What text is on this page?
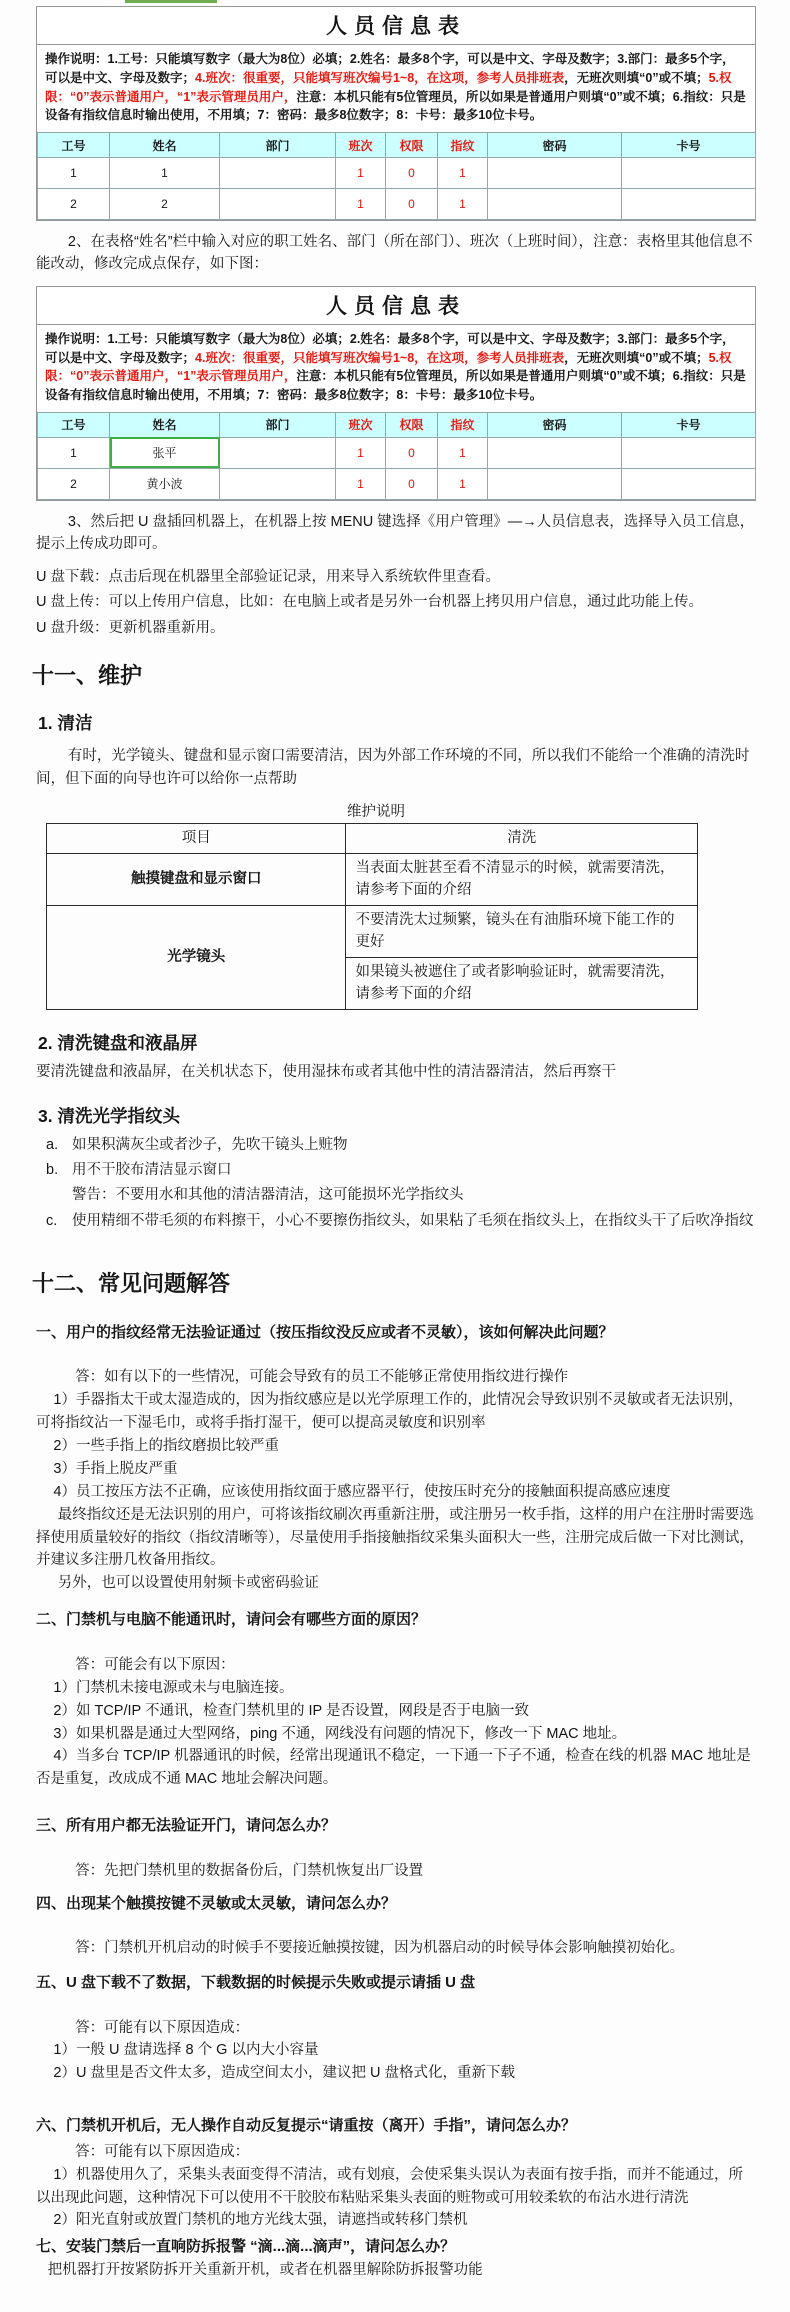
人员信息表

操作说明：1.工号：只能填写数字（最大为8位）必填；2.姓名：最多8个字，可以是中文、字母及数字；3.部门：最多5个字，可以是中文、字母及数字；4.班次：很重要，只能填写班次编号1~8，在这项，参考人员排班表，无班次则填“0”或不填；5.权限：“0”表示普通用户，“1”表示管理员用户，注意：本机只能有5位管理员，所以如果是普通用户则填“0”或不填；6.指纹：只是设备有指纹信息时输出使用，不用填；7：密码：最多8位数字；8：卡号：最多10位卡号。

工号	姓名	部门	班次	权限	指纹	密码	卡号
1	1		1	0	1		
2	2		1	0	1		

2、在表格“姓名”栏中输入对应的职工姓名、部门（所在部门）、班次（上班时间），注意：表格里其他信息不能改动，修改完成点保存，如下图：

人员信息表

操作说明：1.工号：只能填写数字（最大为8位）必填；2.姓名：最多8个字，可以是中文、字母及数字；3.部门：最多5个字，可以是中文、字母及数字；4.班次：很重要，只能填写班次编号1~8，在这项，参考人员排班表，无班次则填“0”或不填；5.权限：“0”表示普通用户，“1”表示管理员用户，注意：本机只能有5位管理员，所以如果是普通用户则填“0”或不填；6.指纹：只是设备有指纹信息时输出使用，不用填；7：密码：最多8位数字；8：卡号：最多10位卡号。

工号	姓名	部门	班次	权限	指纹	密码	卡号
1	张平		1	0	1		
2	黄小波		1	0	1		

3、然后把 U 盘插回机器上，在机器上按 MENU 键选择《用户管理》—→人员信息表，选择导入员工信息，提示上传成功即可。

U 盘下载：点击后现在机器里全部验证记录，用来导入系统软件里查看。

U 盘上传：可以上传用户信息，比如：在电脑上或者是另外一台机器上拷贝用户信息，通过此功能上传。

U 盘升级：更新机器重新用。

十一、维护
1. 清洁

有时，光学镜头、键盘和显示窗口需要清洁，因为外部工作环境的不同，所以我们不能给一个准确的清洗时间，但下面的向导也许可以给你一点帮助

维护说明
项目	清洗
触摸键盘和显示窗口	当表面太脏甚至看不清显示的时候，就需要清洗，请参考下面的介绍
光学镜头	不要清洗太过频繁，镜头在有油脂环境下能工作的更好
	如果镜头被遮住了或者影响验证时，就需要清洗，请参考下面的介绍
2. 清洗键盘和液晶屏

要清洗键盘和液晶屏，在关机状态下，使用湿抹布或者其他中性的清洁器清洁，然后再察干

3. 清洗光学指纹头
a. 如果积满灰尘或者沙子，先吹干镜头上赃物
b. 用不干胶布清洁显示窗口
警告：不要用水和其他的清洁器清洁，这可能损坏光学指纹头
c. 使用精细不带毛须的布料擦干，小心不要擦伤指纹头，如果粘了毛须在指纹头上，在指纹头干了后吹净指纹
十二、常见问题解答
一、用户的指纹经常无法验证通过（按压指纹没反应或者不灵敏），该如何解决此问题？

答：如有以下的一些情况，可能会导致有的员工不能够正常使用指纹进行操作

1）手器指太干或太湿造成的，因为指纹感应是以光学原理工作的，此情况会导致识别不灵敏或者无法识别，可将指纹沾一下湿毛巾，或将手指打湿干，便可以提高灵敏度和识别率

2）一些手指上的指纹磨损比较严重

3）手指上脱皮严重

4）员工按压方法不正确，应该使用指纹面于感应器平行，使按压时充分的接触面积提高感应速度

最终指纹还是无法识别的用户，可将该指纹刷次再重新注册，或注册另一枚手指，这样的用户在注册时需要选择使用质量较好的指纹（指纹清晰等），尽量使用手指接触指纹采集头面积大一些，注册完成后做一下对比测试，并建议多注册几枚备用指纹。

另外，也可以设置使用射频卡或密码验证

二、门禁机与电脑不能通讯时，请问会有哪些方面的原因？

答：可能会有以下原因：

1）门禁机未接电源或未与电脑连接。

2）如 TCP/IP 不通讯，检查门禁机里的 IP 是否设置，网段是否于电脑一致

3）如果机器是通过大型网络，ping 不通，网线没有问题的情况下，修改一下 MAC 地址。

4）当多台 TCP/IP 机器通讯的时候，经常出现通讯不稳定，一下通一下子不通，检查在线的机器 MAC 地址是否是重复，改成成不通 MAC 地址会解决问题。

三、所有用户都无法验证开门，请问怎么办？

答：先把门禁机里的数据备份后，门禁机恢复出厂设置

四、出现某个触摸按键不灵敏或太灵敏，请问怎么办？

答：门禁机开机启动的时候手不要接近触摸按键，因为机器启动的时候导体会影响触摸初始化。

五、U 盘下载不了数据，下载数据的时候提示失败或提示请插 U 盘

答：可能有以下原因造成：

1）一般 U 盘请选择 8 个 G 以内大小容量

2）U 盘里是否文件太多，造成空间太小，建议把 U 盘格式化，重新下载

六、门禁机开机后，无人操作自动反复提示“请重按（离开）手指”，请问怎么办？

答：可能有以下原因造成：

1）机器使用久了，采集头表面变得不清洁，或有划痕，会使采集头误认为表面有按手指，而并不能通过，所以出现此问题，这种情况下可以使用不干胶胶布粘贴采集头表面的赃物或可用较柔软的布沾水进行清洗

2）阳光直射或放置门禁机的地方光线太强，请遮挡或转移门禁机

七、安装门禁后一直响防拆报警 “滴...滴...滴声”，请问怎么办？

把机器打开按紧防拆开关重新开机，或者在机器里解除防拆报警功能
